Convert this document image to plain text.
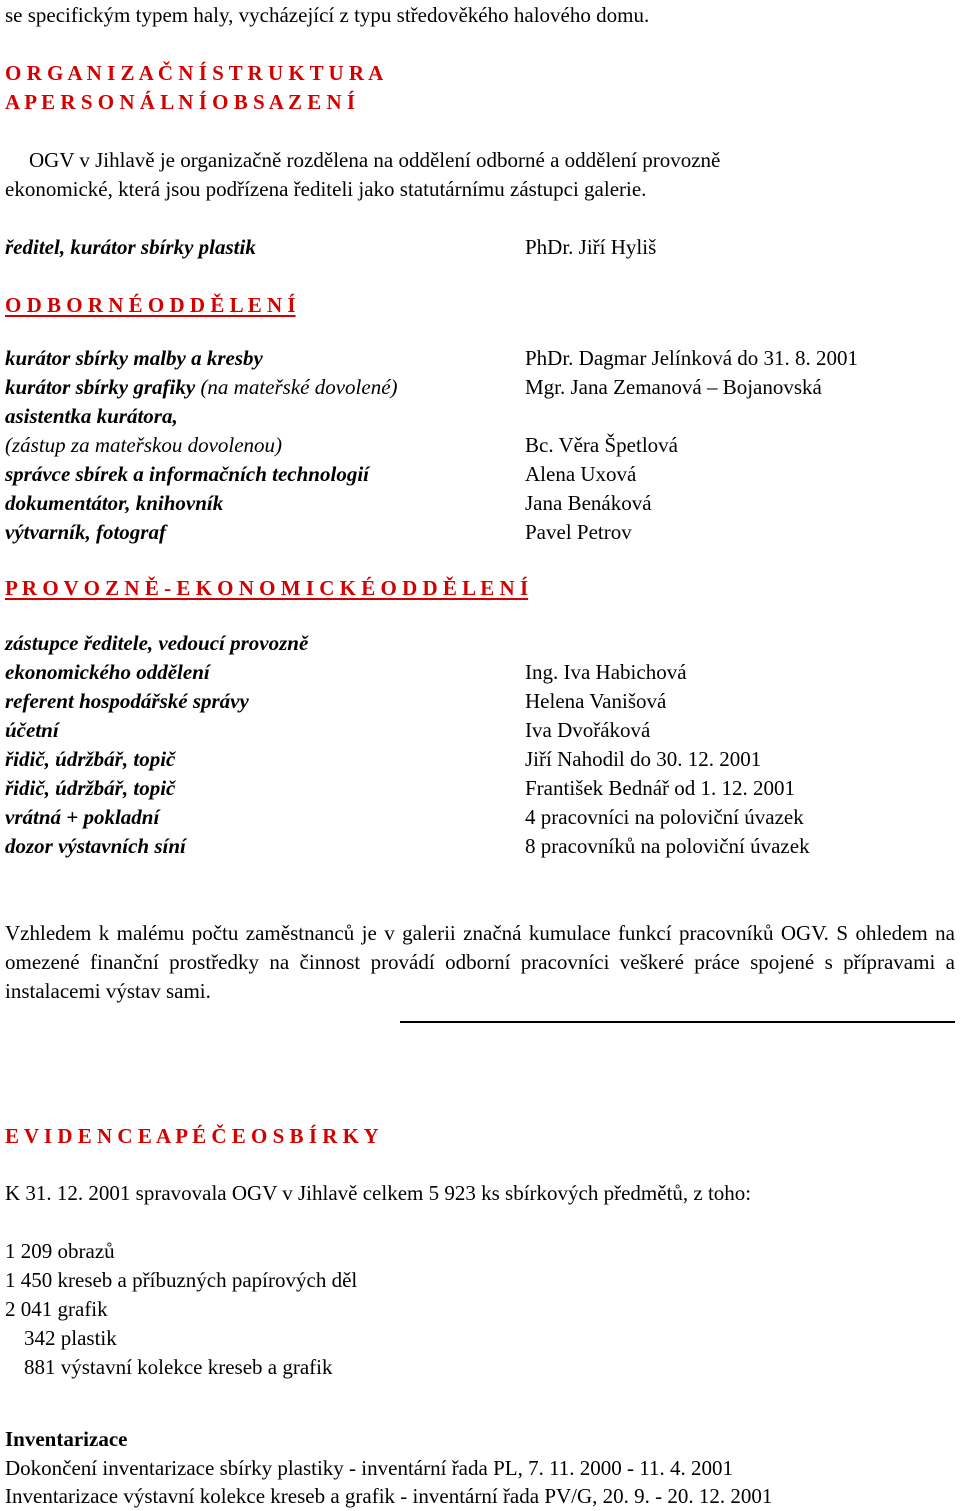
se specifickým typem haly, vycházející z typu středověkého halového domu.
O R G A N I Z A Č N Í S T R U K T U R A
A P E R S O N Á L N Í O B S A Z E N Í
OGV v Jihlavě je organizačně rozdělena na oddělení odborné a oddělení provozně
ekonomické, která jsou podřízena řediteli jako statutárnímu zástupci galerie.
ředitel, kurátor sbírky plastik	PhDr. Jiří Hyliš
O D B O R N É O D D Ě L E N Í
kurátor sbírky malby a kresby	PhDr. Dagmar Jelínková do 31. 8. 2001
kurátor sbírky grafiky (na mateřské dovolené)	Mgr. Jana Zemanová – Bojanovská
asistentka kurátora,
(zástup za mateřskou dovolenou)	Bc. Věra Špetlová
správce sbírek a informačních technologií	Alena Uxová
dokumentátor, knihovník	Jana Benáková
výtvarník, fotograf	Pavel Petrov
P R O V O Z N Ě - E K O N O M I C K É O D D Ě L E N Í
zástupce ředitele, vedoucí provozně
ekonomického oddělení	Ing. Iva Habichová
referent hospodářské správy	Helena Vanišová
účetní	Iva Dvořáková
řidič, údržbář, topič	Jiří Nahodil do 30. 12. 2001
řidič, údržbář, topič	František Bednář od 1. 12. 2001
vrátná + pokladní	4 pracovníci na poloviční úvazek
dozor výstavních síní	8 pracovníků na poloviční úvazek
Vzhledem k malému počtu zaměstnanců je v galerii značná kumulace funkcí pracovníků OGV. S ohledem na omezené finanční prostředky na činnost provádí odborní pracovníci veškeré práce spojené s přípravami a instalacemi výstav sami.
E V I D E N C E A P É Č E O S B Í R K Y
K 31. 12. 2001 spravovala OGV v Jihlavě celkem 5 923 ks sbírkových předmětů, z toho:
1 209 obrazů
1 450 kreseb a příbuzných papírových děl
2 041 grafik
342 plastik
881 výstavní kolekce kreseb a grafik
Inventarizace
Dokončení inventarizace sbírky plastiky - inventární řada PL, 7. 11. 2000 - 11. 4. 2001
Inventarizace výstavní kolekce kreseb a grafik - inventární řada PV/G, 20. 9. - 20. 12. 2001
